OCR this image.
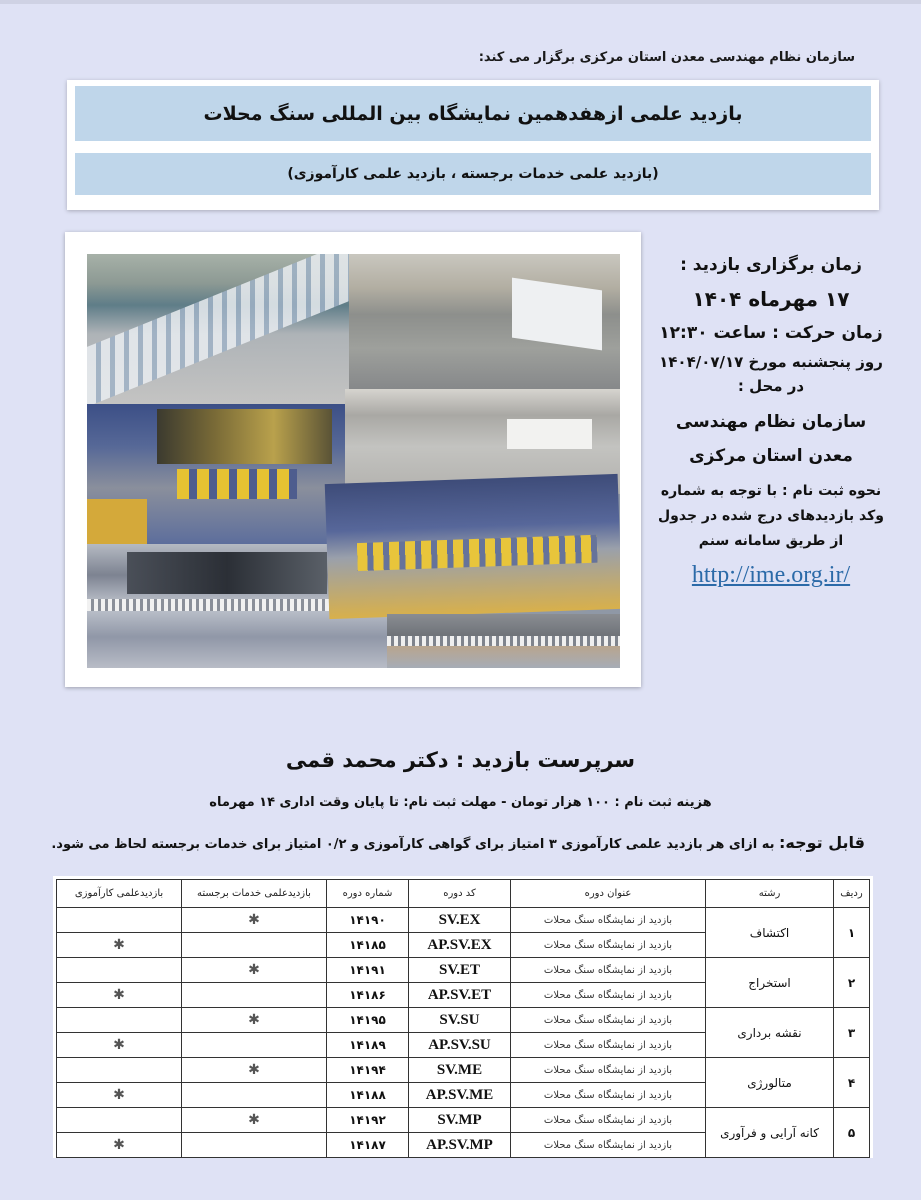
سازمان نظام مهندسی معدن استان مرکزی برگزار می کند:
بازدید علمی ازهفدهمین نمایشگاه بین المللی سنگ محلات
(بازدید علمی خدمات برجسته ، بازدید علمی کارآموزی)
زمان برگزاری بازدید :
۱۷ مهرماه ۱۴۰۴
زمان حرکت : ساعت ۱۲:۳۰
روز پنجشنبه مورخ ۱۴۰۴/۰۷/۱۷
در محل :
سازمان نظام مهندسی معدن استان مرکزی
نحوه ثبت نام : با توجه به شماره وکد بازدیدهای درج شده در جدول از طریق سامانه سنم
http://ime.org.ir/
سرپرست بازدید : دکتر محمد قمی
هزینه ثبت نام : ۱۰۰ هزار تومان - مهلت ثبت نام: تا پایان وقت اداری ۱۴ مهرماه
قابل توجه: به ازای هر بازدید علمی کارآموزی ۳ امتیاز برای گواهی کارآموزی و ۰/۲ امتیاز برای خدمات برجسته لحاظ می شود.
ردیف	رشته	عنوان دوره	کد دوره	شماره دوره	بازدیدعلمی خدمات برجسته	بازدیدعلمی کارآموزی
۱	اکتشاف	بازدید از نمایشگاه سنگ محلات	SV.EX	۱۴۱۹۰	✱	
		بازدید از نمایشگاه سنگ محلات	AP.SV.EX	۱۴۱۸۵		✱
۲	استخراج	بازدید از نمایشگاه سنگ محلات	SV.ET	۱۴۱۹۱	✱	
		بازدید از نمایشگاه سنگ محلات	AP.SV.ET	۱۴۱۸۶		✱
۳	نقشه برداری	بازدید از نمایشگاه سنگ محلات	SV.SU	۱۴۱۹۵	✱	
		بازدید از نمایشگاه سنگ محلات	AP.SV.SU	۱۴۱۸۹		✱
۴	متالورژی	بازدید از نمایشگاه سنگ محلات	SV.ME	۱۴۱۹۴	✱	
		بازدید از نمایشگاه سنگ محلات	AP.SV.ME	۱۴۱۸۸		✱
۵	کانه آرایی و فرآوری	بازدید از نمایشگاه سنگ محلات	SV.MP	۱۴۱۹۲	✱	
		بازدید از نمایشگاه سنگ محلات	AP.SV.MP	۱۴۱۸۷		✱
